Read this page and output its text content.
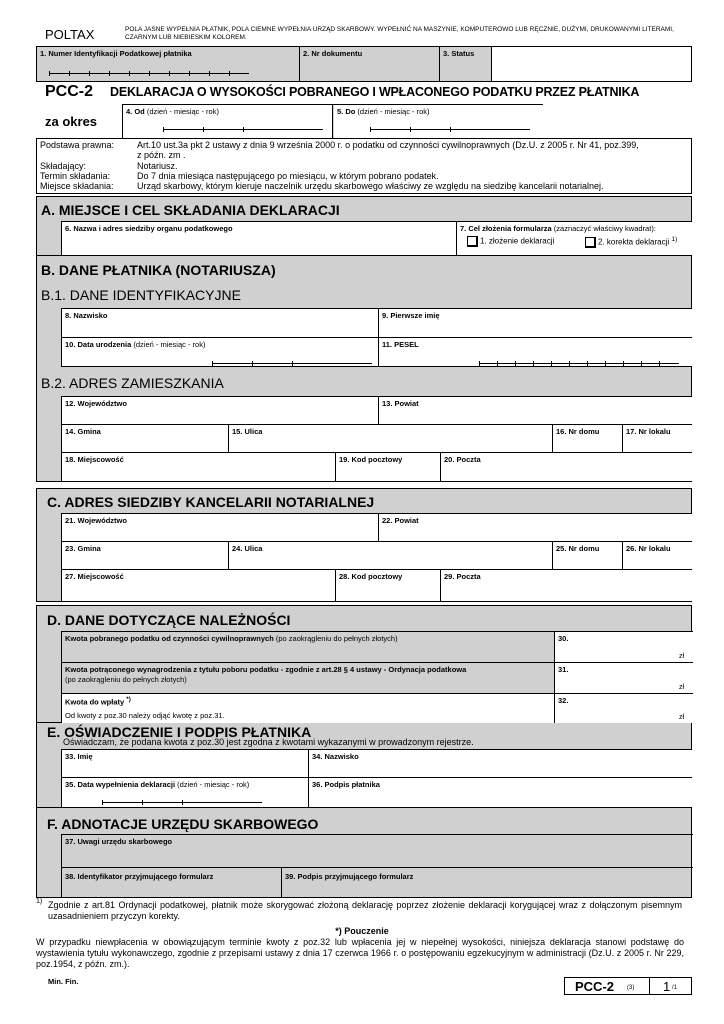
POLTAX	POLA JASNE WYPEŁNIA PŁATNIK, POLA CIEMNE WYPEŁNIA URZĄD SKARBOWY. WYPEŁNIĆ NA MASZYNIE, KOMPUTEROWO LUB RĘCZNIE, DUŻYMI, DRUKOWANYMI LITERAMI, CZARNYM LUB NIEBIESKIM KOLOREM.
1. Numer Identyfikacji Podatkowej płatnika	2. Nr dokumentu	3. Status
PCC-2 DEKLARACJA O WYSOKOŚCI POBRANEGO I WPŁACONEGO PODATKU PRZEZ PŁATNIKA
za okres
4. Od (dzień - miesiąc - rok)	5. Do (dzień - miesiąc - rok)
Podstawa prawna:	Art.10 ust.3a pkt 2 ustawy z dnia 9 września 2000 r. o podatku od czynności cywilnoprawnych (Dz.U. z 2005 r. Nr 41, poz.399,
z późn. zm .
Składający:	Notariusz.
Termin składania:	Do 7 dnia miesiąca następującego po miesiącu, w którym pobrano podatek.
Miejsce składania:	Urząd skarbowy, którym kieruje naczelnik urzędu skarbowego właściwy ze względu na siedzibę kancelarii notarialnej.
A. MIEJSCE I CEL SKŁADANIA DEKLARACJI
6. Nazwa i adres siedziby organu podatkowego	7. Cel złożenia formularza (zaznaczyć właściwy kwadrat):
1. złożenie deklaracji	2. korekta deklaracji $^{1)}$
B. DANE PŁATNIKA (NOTARIUSZA)
B.1. DANE IDENTYFIKACYJNE
8. Nazwisko	9. Pierwsze imię
10. Data urodzenia (dzień - miesiąc - rok)	11. PESEL
B.2. ADRES ZAMIESZKANIA
12. Województwo	13. Powiat
14. Gmina	15. Ulica	16. Nr domu	17. Nr lokalu
18. Miejscowość	19. Kod pocztowy	20. Poczta
C. ADRES SIEDZIBY KANCELARII NOTARIALNEJ
21. Województwo	22. Powiat
23. Gmina	24. Ulica	25. Nr domu	26. Nr lokalu
27. Miejscowość	28. Kod pocztowy	29. Poczta
D. DANE DOTYCZĄCE NALEŻNOŚCI
Kwota pobranego podatku od czynności cywilnoprawnych (po zaokrągleniu do pełnych złotych)	30.
zł
Kwota potrąconego wynagrodzenia z tytułu poboru podatku - zgodnie z art.28 § 4 ustawy - Ordynacja podatkowa
(po zaokrągleniu do pełnych złotych)
31.
zł
Kwota do wpłaty *)
Od kwoty z poz.30 należy odjąć kwotę z poz.31.
32.
zł
E. OŚWIADCZENIE I PODPIS PŁATNIKA
Oświadczam, że podana kwota z poz.30 jest zgodna z kwotami wykazanymi w prowadzonym rejestrze.
33. Imię	34. Nazwisko
35. Data wypełnienia deklaracji (dzień - miesiąc - rok)	36. Podpis płatnika
F. ADNOTACJE URZĘDU SKARBOWEGO
37. Uwagi urzędu skarbowego
38. Identyfikator przyjmującego formularz	39. Podpis przyjmującego formularz
1) Zgodnie z art.81 Ordynacji podatkowej, płatnik może skorygować złożoną deklarację poprzez złożenie deklaracji korygującej wraz z dołączonym pisemnym uzasadnieniem przyczyn korekty.
*) Pouczenie
W przypadku niewpłacenia w obowiązującym terminie kwoty z poz.32 lub wpłacenia jej w niepełnej wysokości, niniejsza deklaracja stanowi podstawę do wystawienia tytułu wykonawczego, zgodnie z przepisami ustawy z dnia 17 czerwca 1966 r. o postępowaniu egzekucyjnym w administracji (Dz.U. z 2005 r. Nr 229, poz.1954, z późn. zm.).
Min. Fin.	PCC-2 (3) 1 /1
